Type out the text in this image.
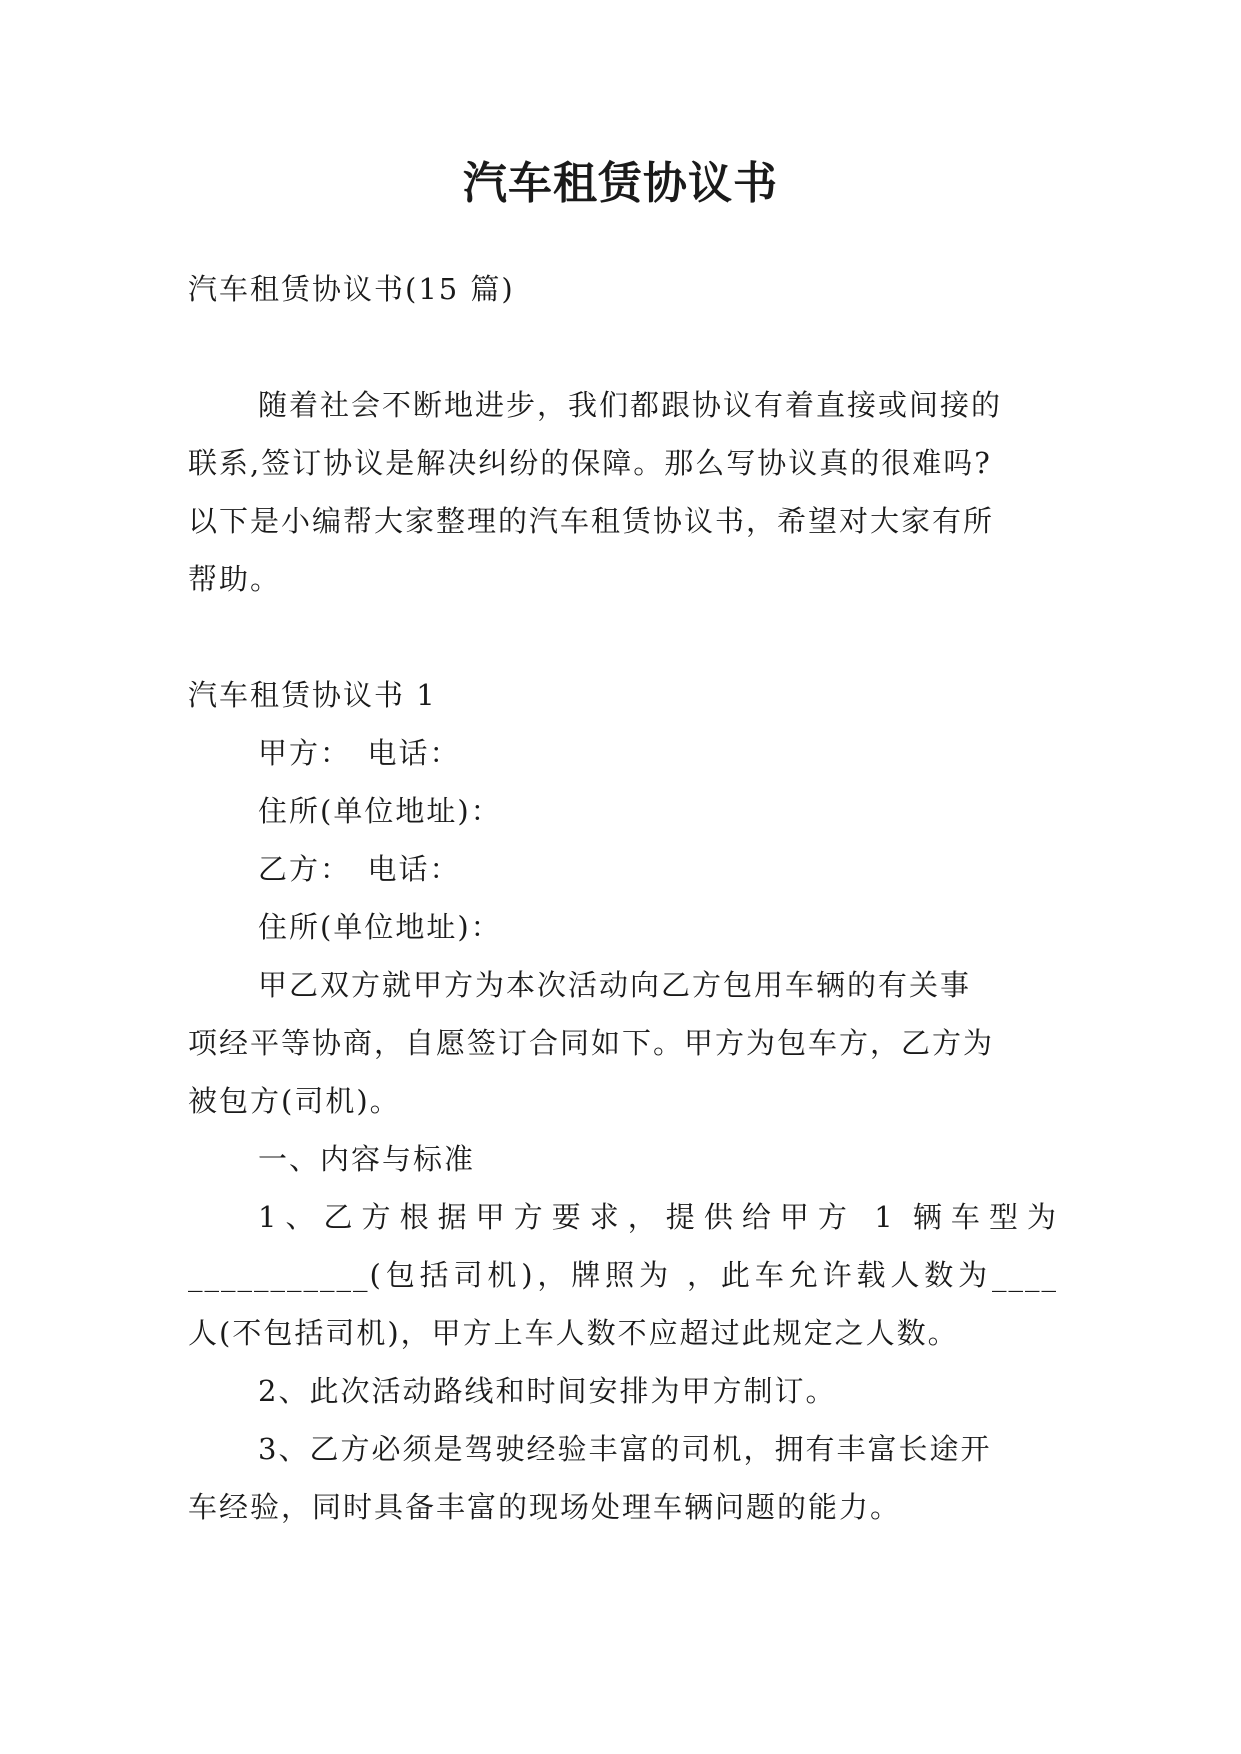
汽车租赁协议书
汽车租赁协议书(15 篇)
随着社会不断地进步，我们都跟协议有着直接或间接的
联系,签订协议是解决纠纷的保障。那么写协议真的很难吗?
以下是小编帮大家整理的汽车租赁协议书，希望对大家有所
帮助。
汽车租赁协议书 1
甲方：　电话：
住所(单位地址)：
乙方：　电话：
住所(单位地址)：
甲乙双方就甲方为本次活动向乙方包用车辆的有关事
项经平等协商，自愿签订合同如下。甲方为包车方，乙方为
被包方(司机)。
一、内容与标准
1、乙方根据甲方要求，提供给甲方 1 辆车型为
___________(包括司机)，牌照为 ，此车允许载人数为____
人(不包括司机)，甲方上车人数不应超过此规定之人数。
2、此次活动路线和时间安排为甲方制订。
3、乙方必须是驾驶经验丰富的司机，拥有丰富长途开
车经验，同时具备丰富的现场处理车辆问题的能力。
